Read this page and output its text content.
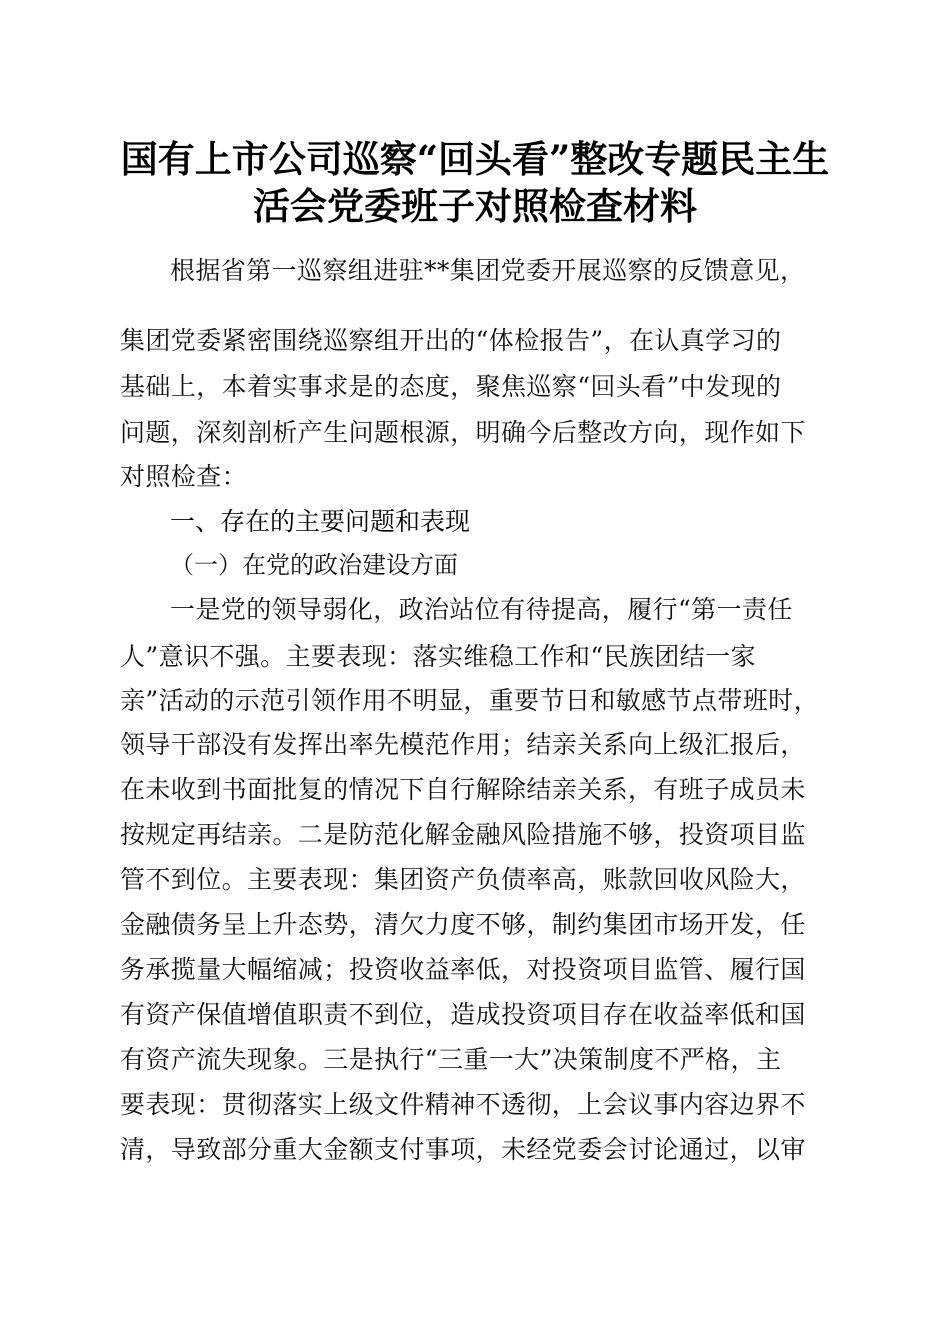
国有上市公司巡察“回头看”整改专题民主生
活会党委班子对照检查材料

根据省第一巡察组进驻**集团党委开展巡察的反馈意见，

集团党委紧密围绕巡察组开出的“体检报告”，在认真学习的

基础上，本着实事求是的态度，聚焦巡察“回头看”中发现的

问题，深刻剖析产生问题根源，明确今后整改方向，现作如下

对照检查：

一、存在的主要问题和表现

（一）在党的政治建设方面

一是党的领导弱化，政治站位有待提高，履行“第一责任

人”意识不强。主要表现：落实维稳工作和“民族团结一家

亲”活动的示范引领作用不明显，重要节日和敏感节点带班时，

领导干部没有发挥出率先模范作用；结亲关系向上级汇报后，

在未收到书面批复的情况下自行解除结亲关系，有班子成员未

按规定再结亲。二是防范化解金融风险措施不够，投资项目监

管不到位。主要表现：集团资产负债率高，账款回收风险大，

金融债务呈上升态势，清欠力度不够，制约集团市场开发，任

务承揽量大幅缩减；投资收益率低，对投资项目监管、履行国

有资产保值增值职责不到位，造成投资项目存在收益率低和国

有资产流失现象。三是执行“三重一大”决策制度不严格，主

要表现：贯彻落实上级文件精神不透彻，上会议事内容边界不

清，导致部分重大金额支付事项，未经党委会讨论通过，以审
